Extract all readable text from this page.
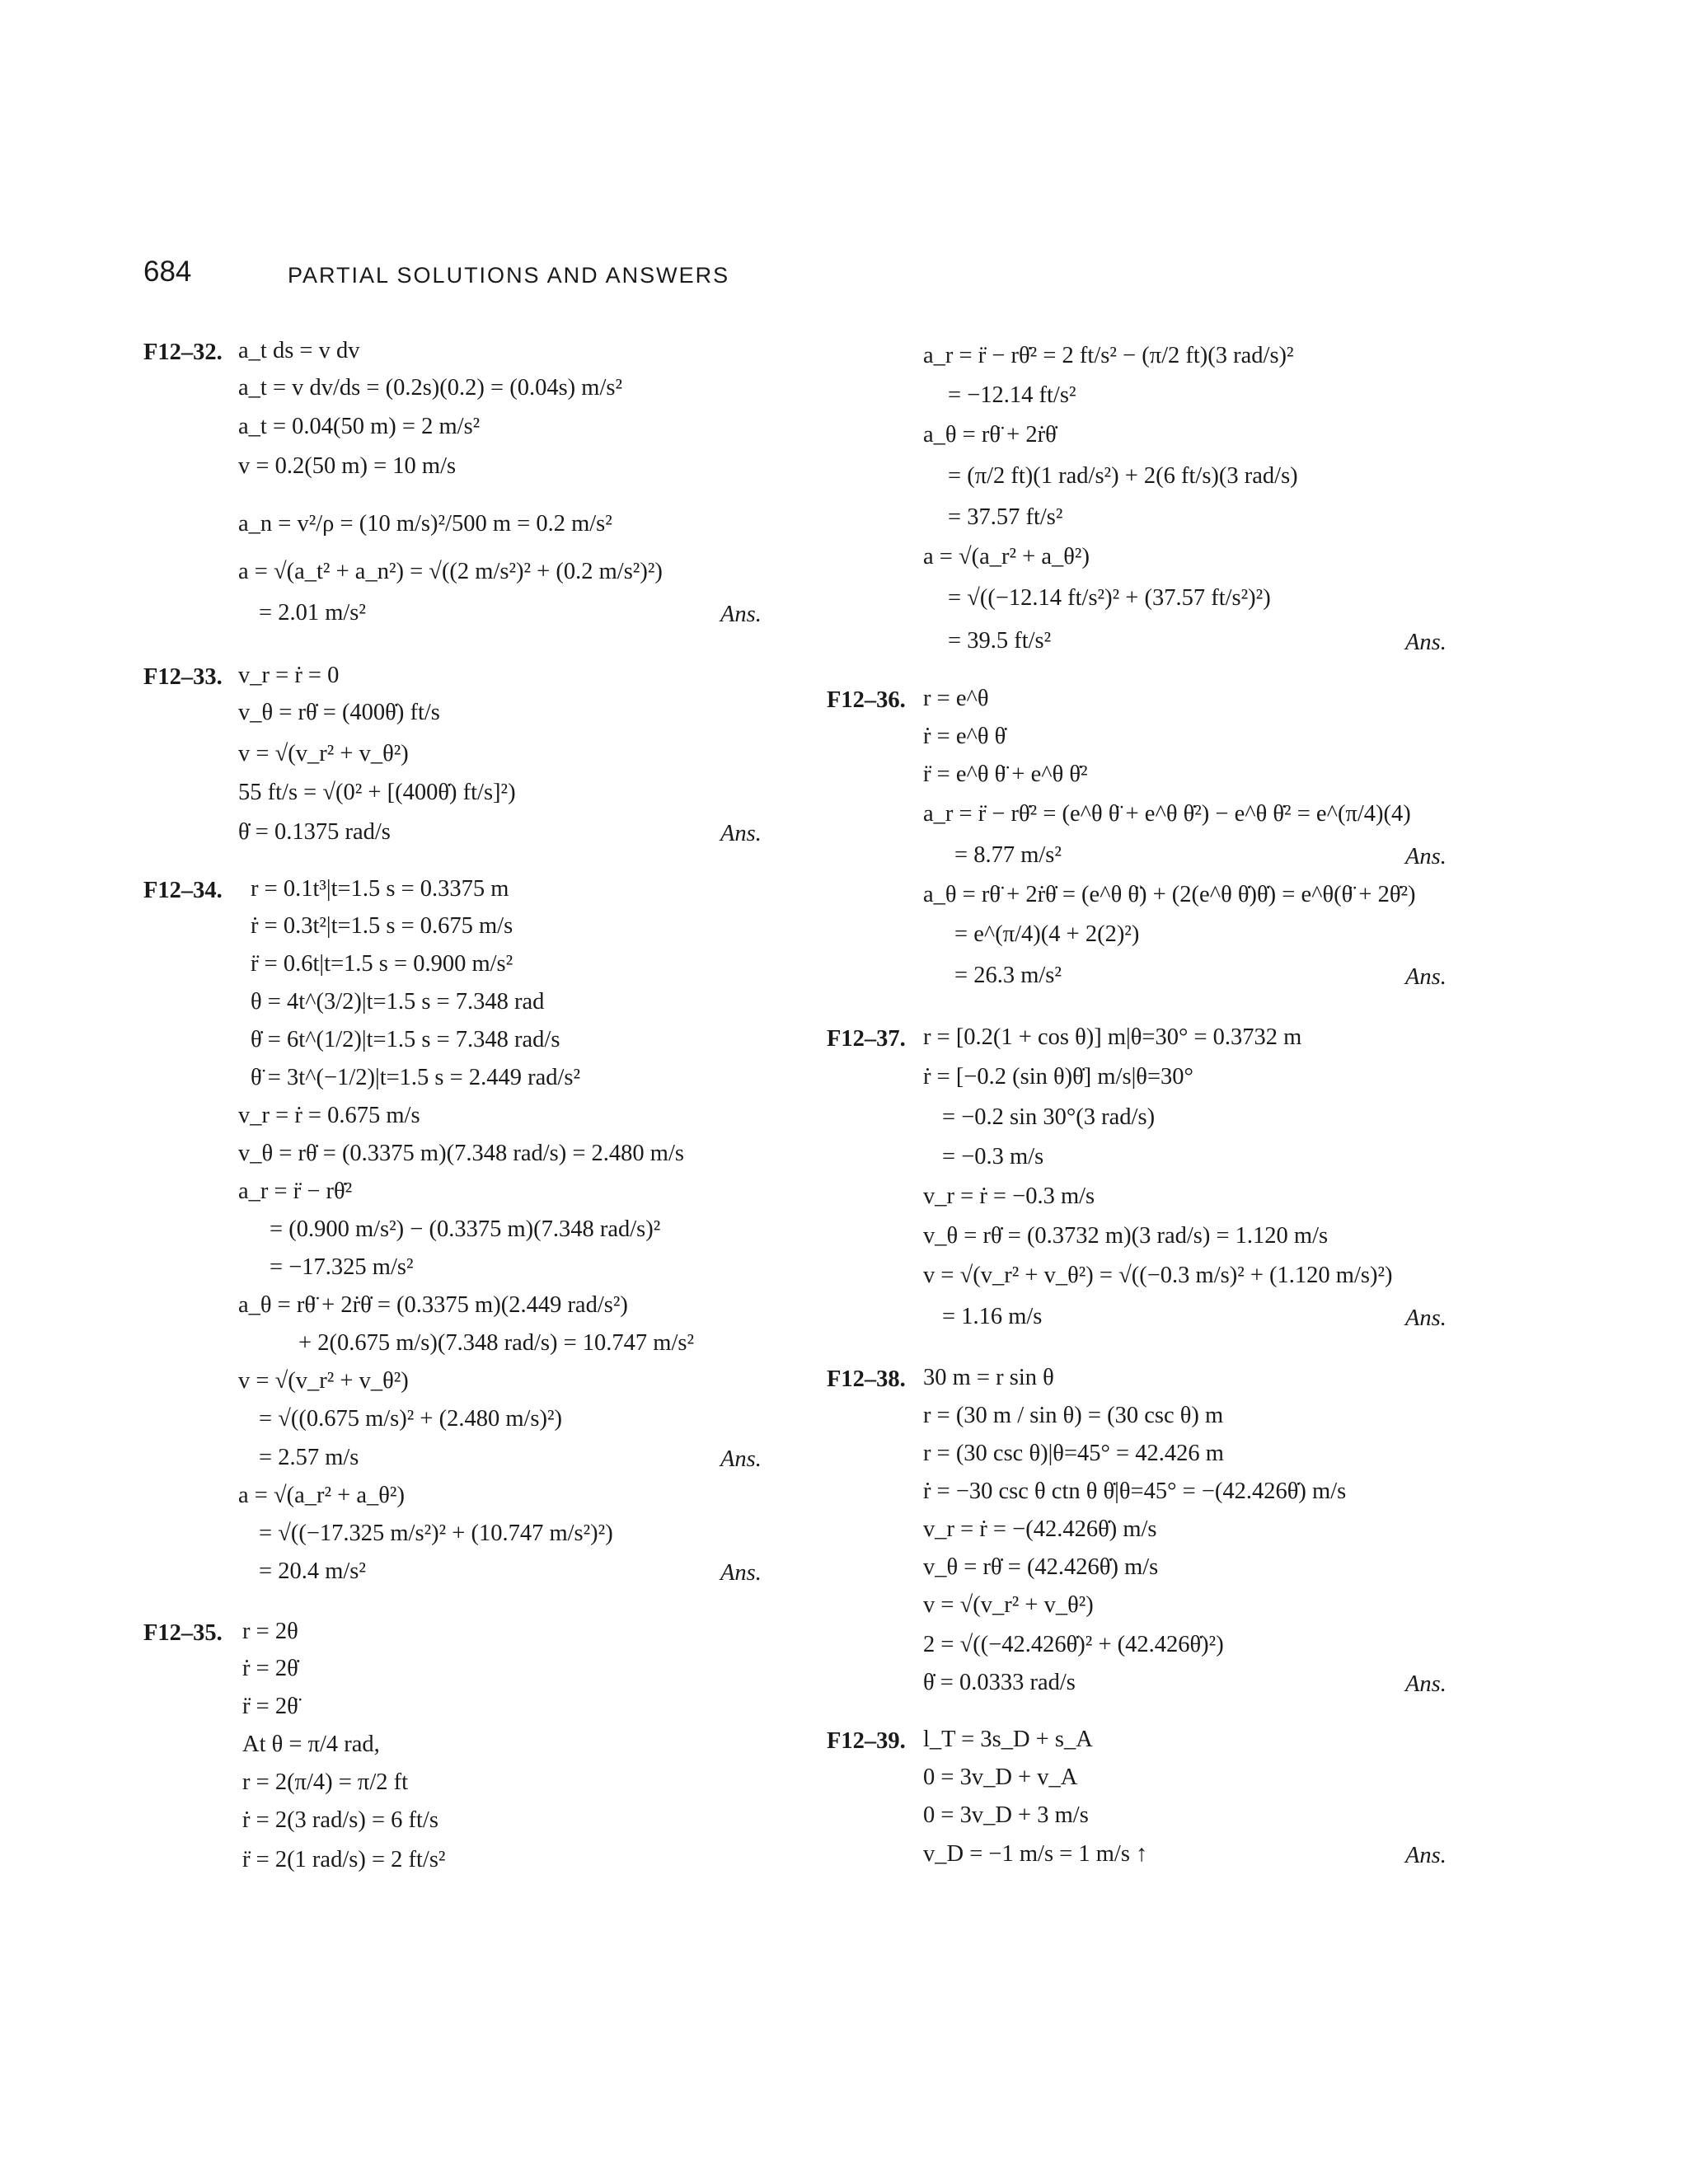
684	PARTIAL SOLUTIONS AND ANSWERS
F12–32. a_t ds = v dv
a_t = v dv/ds = (0.2s)(0.2) = (0.04s) m/s²
a_t = 0.04(50 m) = 2 m/s²
v = 0.2(50 m) = 10 m/s
a_n = v²/ρ = (10 m/s)²/500 m = 0.2 m/s²
a = √(a_t² + a_n²) = √((2 m/s²)² + (0.2 m/s²)²)
= 2.01 m/s²	Ans.
F12–33. v_r = ṙ = 0
v_θ = rθ̇ = (400θ̇) ft/s
v = √(v_r² + v_θ²)
55 ft/s = √(0² + [(400θ̇) ft/s]²)
θ̇ = 0.1375 rad/s	Ans.
F12–34. r = 0.1t³|t=1.5 s = 0.3375 m
ṙ = 0.3t²|t=1.5 s = 0.675 m/s
r̈ = 0.6t|t=1.5 s = 0.900 m/s²
θ = 4t^(3/2)|t=1.5 s = 7.348 rad
θ̇ = 6t^(1/2)|t=1.5 s = 7.348 rad/s
θ̈ = 3t^(−1/2)|t=1.5 s = 2.449 rad/s²
v_r = ṙ = 0.675 m/s
v_θ = rθ̇ = (0.3375 m)(7.348 rad/s) = 2.480 m/s
a_r = r̈ − rθ̇²
= (0.900 m/s²) − (0.3375 m)(7.348 rad/s)²
= −17.325 m/s²
a_θ = rθ̈ + 2ṙθ̇ = (0.3375 m)(2.449 rad/s²)
+ 2(0.675 m/s)(7.348 rad/s) = 10.747 m/s²
v = √(v_r² + v_θ²)
= √((0.675 m/s)² + (2.480 m/s)²)
= 2.57 m/s	Ans.
a = √(a_r² + a_θ²)
= √((−17.325 m/s²)² + (10.747 m/s²)²)
= 20.4 m/s²	Ans.
F12–35. r = 2θ
ṙ = 2θ̇
r̈ = 2θ̈
At θ = π/4 rad,
r = 2(π/4) = π/2 ft
ṙ = 2(3 rad/s) = 6 ft/s
r̈ = 2(1 rad/s) = 2 ft/s²
a_r = r̈ − rθ̇² = 2 ft/s² − (π/2 ft)(3 rad/s)²
= −12.14 ft/s²
a_θ = rθ̈ + 2ṙθ̇
= (π/2 ft)(1 rad/s²) + 2(6 ft/s)(3 rad/s)
= 37.57 ft/s²
a = √(a_r² + a_θ²)
= √((−12.14 ft/s²)² + (37.57 ft/s²)²)
= 39.5 ft/s²	Ans.
F12–36. r = e^θ
ṙ = e^θ θ̇
r̈ = e^θ θ̈ + e^θ θ̇²
a_r = r̈ − rθ̇² = (e^θ θ̈ + e^θ θ̇²) − e^θ θ̇² = e^(π/4)(4)
= 8.77 m/s²	Ans.
a_θ = rθ̈ + 2ṙθ̇ = (e^θ θ̈) + (2(e^θ θ̇)θ̇) = e^θ(θ̈ + 2θ̇²)
= e^(π/4)(4 + 2(2)²)
= 26.3 m/s²	Ans.
F12–37. r = [0.2(1 + cos θ)] m|θ=30° = 0.3732 m
ṙ = [−0.2 (sin θ)θ̇] m/s|θ=30°
= −0.2 sin 30°(3 rad/s)
= −0.3 m/s
v_r = ṙ = −0.3 m/s
v_θ = rθ̇ = (0.3732 m)(3 rad/s) = 1.120 m/s
v = √(v_r² + v_θ²) = √((−0.3 m/s)² + (1.120 m/s)²)
= 1.16 m/s	Ans.
F12–38. 30 m = r sin θ
r = (30 m / sin θ) = (30 csc θ) m
r = (30 csc θ)|θ=45° = 42.426 m
ṙ = −30 csc θ ctn θ θ̇|θ=45° = −(42.426θ̇) m/s
v_r = ṙ = −(42.426θ̇) m/s
v_θ = rθ̇ = (42.426θ̇) m/s
v = √(v_r² + v_θ²)
2 = √((−42.426θ̇)² + (42.426θ̇)²)
θ̇ = 0.0333 rad/s	Ans.
F12–39. l_T = 3s_D + s_A
0 = 3v_D + v_A
0 = 3v_D + 3 m/s
v_D = −1 m/s = 1 m/s ↑	Ans.
